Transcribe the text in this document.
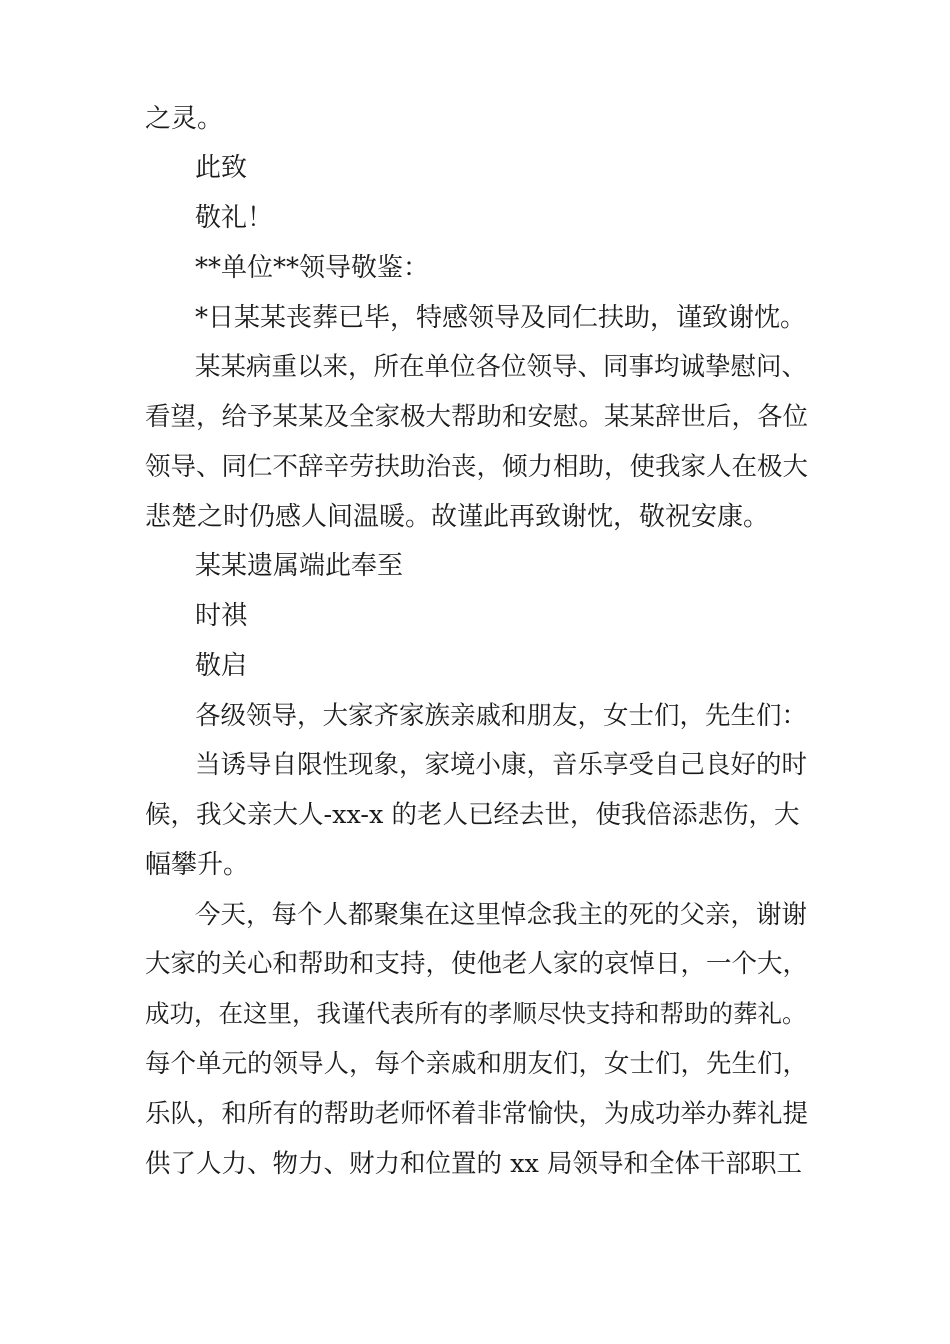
之灵。
此致
敬礼！
**单位**领导敬鉴：
*日某某丧葬已毕，特感领导及同仁扶助，谨致谢忱。
某某病重以来，所在单位各位领导、同事均诚挚慰问、
看望，给予某某及全家极大帮助和安慰。某某辞世后，各位
领导、同仁不辞辛劳扶助治丧，倾力相助，使我家人在极大
悲楚之时仍感人间温暖。故谨此再致谢忱，敬祝安康。
某某遗属端此奉至
时祺
敬启
各级领导，大家齐家族亲戚和朋友，女士们，先生们：
当诱导自限性现象，家境小康，音乐享受自己良好的时
候，我父亲大人-xx-x 的老人已经去世，使我倍添悲伤，大
幅攀升。
今天，每个人都聚集在这里悼念我主的死的父亲，谢谢
大家的关心和帮助和支持，使他老人家的哀悼日，一个大，
成功，在这里，我谨代表所有的孝顺尽快支持和帮助的葬礼。
每个单元的领导人，每个亲戚和朋友们，女士们，先生们，
乐队，和所有的帮助老师怀着非常愉快，为成功举办葬礼提
供了人力、物力、财力和位置的 xx 局领导和全体干部职工
